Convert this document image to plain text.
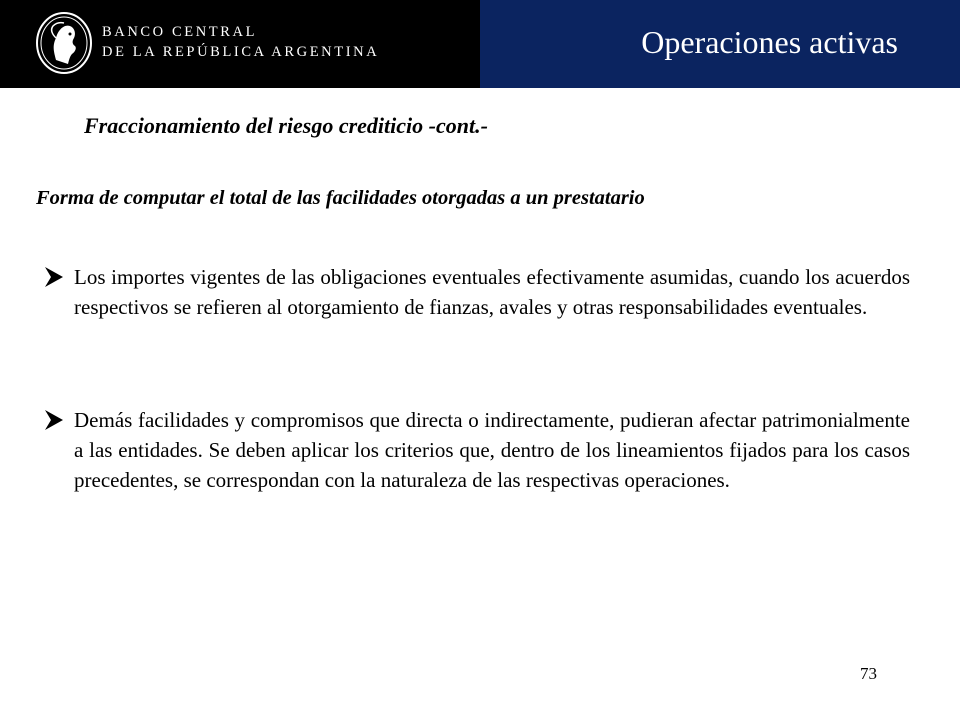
BANCO CENTRAL
DE LA REPÚBLICA ARGENTINA	Operaciones activas
Fraccionamiento del riesgo crediticio -cont.-
Forma de computar el total de las facilidades otorgadas a un prestatario
Los importes vigentes de las obligaciones eventuales efectivamente asumidas, cuando los acuerdos respectivos se refieren al otorgamiento de fianzas, avales y otras responsabilidades eventuales.
Demás facilidades y compromisos que directa o indirectamente, pudieran afectar patrimonialmente a las entidades. Se deben aplicar los criterios que, dentro de los lineamientos fijados para los casos precedentes, se correspondan con la naturaleza de las respectivas operaciones.
73
